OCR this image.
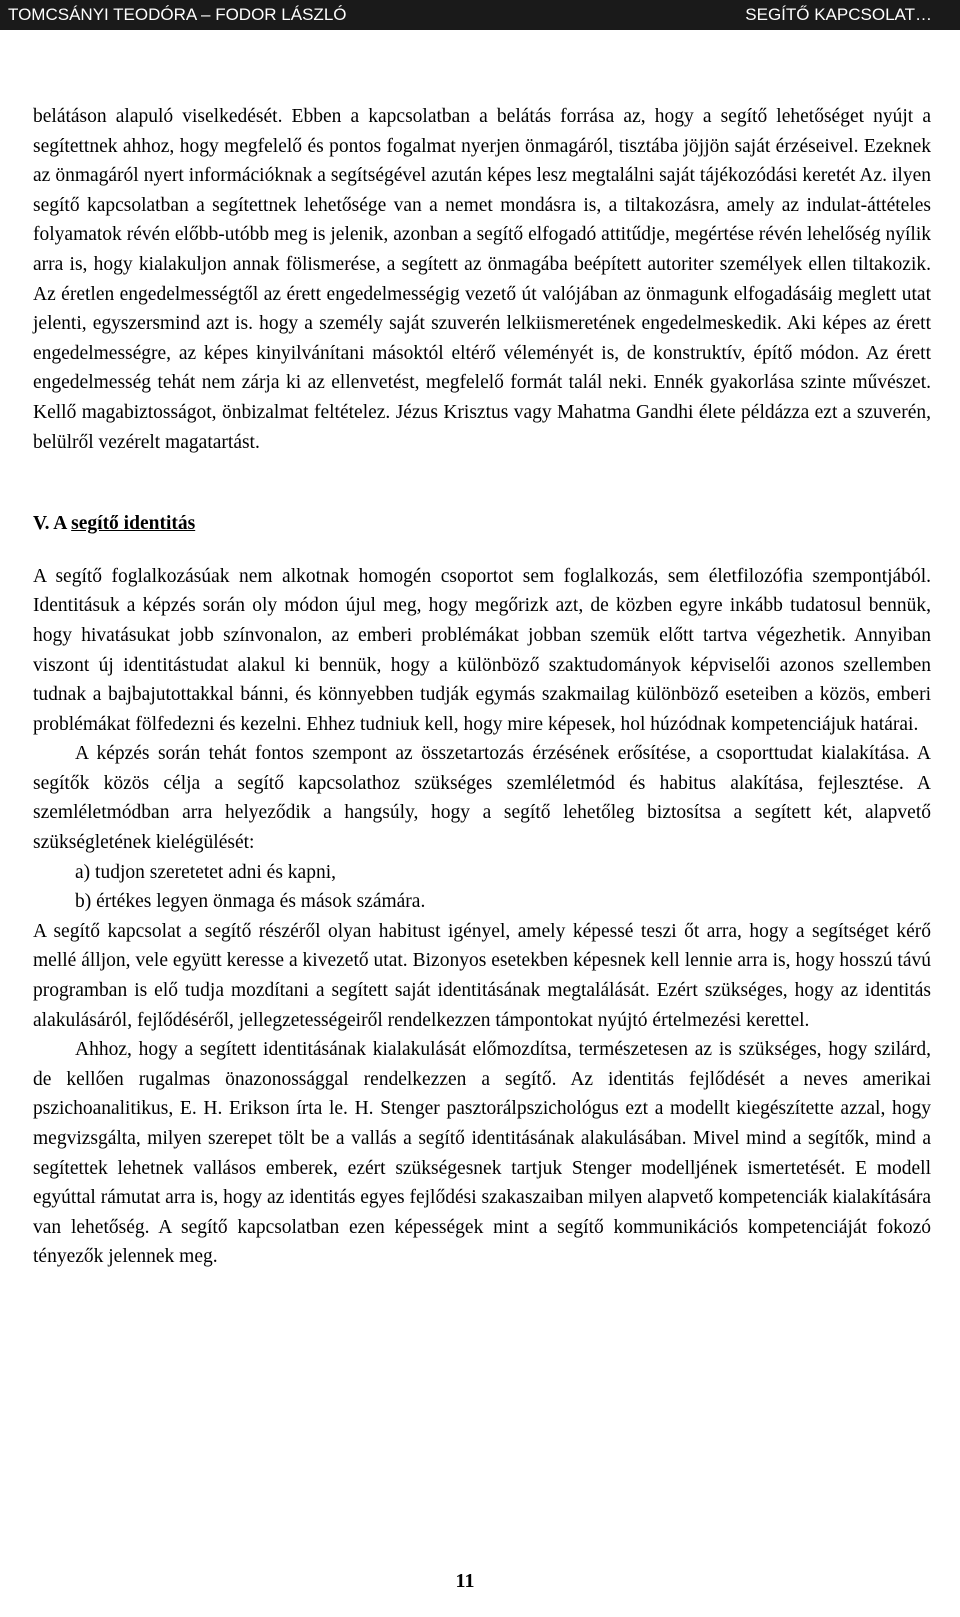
TOMCSÁNYI TEODÓRA – FODOR LÁSZLÓ	SEGÍTŐ KAPCSOLAT…

belátáson alapuló viselkedését. Ebben a kapcsolatban a belátás forrása az, hogy a segítő lehetőséget nyújt a segítettnek ahhoz, hogy megfelelő és pontos fogalmat nyerjen önmagáról, tisztába jöjjön saját érzéseivel. Ezeknek az önmagáról nyert információknak a segítségével azután képes lesz megtalálni saját tájékozódási keretét Az. ilyen segítő kapcsolatban a segítettnek lehetősége van a nemet mondásra is, a tiltakozásra, amely az indulat-áttételes folyamatok révén előbb-utóbb meg is jelenik, azonban a segítő elfogadó attitűdje, megértése révén lehelőség nyílik arra is, hogy kialakuljon annak fölismerése, a segített az önmagába beépített autoriter személyek ellen tiltakozik. Az éretlen engedelmességtől az érett engedelmességig vezető út valójában az önmagunk elfogadásáig meglett utat jelenti, egyszersmind azt is. hogy a személy saját szuverén lelkiismeretének engedelmeskedik. Aki képes az érett engedelmességre, az képes kinyilvánítani másoktól eltérő véleményét is, de konstruktív, építő módon. Az érett engedelmesség tehát nem zárja ki az ellenvetést, megfelelő formát talál neki. Ennék gyakorlása szinte művészet. Kellő magabiztosságot, önbizalmat feltételez. Jézus Krisztus vagy Mahatma Gandhi élete példázza ezt a szuverén, belülről vezérelt magatartást.

V. A segítő identitás

A segítő foglalkozásúak nem alkotnak homogén csoportot sem foglalkozás, sem életfilozófia szempontjából. Identitásuk a képzés során oly módon újul meg, hogy megőrizk azt, de közben egyre inkább tudatosul bennük, hogy hivatásukat jobb színvonalon, az emberi problémákat jobban szemük előtt tartva végezhetik. Annyiban viszont új identitástudat alakul ki bennük, hogy a különböző szaktudományok képviselői azonos szellemben tudnak a bajbajutottakkal bánni, és könnyebben tudják egymás szakmailag különböző eseteiben a közös, emberi problémákat fölfedezni és kezelni. Ehhez tudniuk kell, hogy mire képesek, hol húzódnak kompetenciájuk határai.

A képzés során tehát fontos szempont az összetartozás érzésének erősítése, a csoporttudat kialakítása. A segítők közös célja a segítő kapcsolathoz szükséges szemléletmód és habitus alakítása, fejlesztése. A szemléletmódban arra helyeződik a hangsúly, hogy a segítő lehetőleg biztosítsa a segített két, alapvető szükségletének kielégülését:

a) tudjon szeretetet adni és kapni,

b) értékes legyen önmaga és mások számára.

A segítő kapcsolat a segítő részéről olyan habitust igényel, amely képessé teszi őt arra, hogy a segítséget kérő mellé álljon, vele együtt keresse a kivezető utat. Bizonyos esetekben képesnek kell lennie arra is, hogy hosszú távú programban is elő tudja mozdítani a segített saját identitásának megtalálását. Ezért szükséges, hogy az identitás alakulásáról, fejlődéséről, jellegzetességeiről rendelkezzen támpontokat nyújtó értelmezési kerettel.

Ahhoz, hogy a segített identitásának kialakulását előmozdítsa, természetesen az is szükséges, hogy szilárd, de kellően rugalmas önazonossággal rendelkezzen a segítő. Az identitás fejlődését a neves amerikai pszichoanalitikus, E. H. Erikson írta le. H. Stenger pasztorálpszichológus ezt a modellt kiegészítette azzal, hogy megvizsgálta, milyen szerepet tölt be a vallás a segítő identitásának alakulásában. Mivel mind a segítők, mind a segítettek lehetnek vallásos emberek, ezért szükségesnek tartjuk Stenger modelljének ismertetését. E modell egyúttal rámutat arra is, hogy az identitás egyes fejlődési szakaszaiban milyen alapvető kompetenciák kialakítására van lehetőség. A segítő kapcsolatban ezen képességek mint a segítő kommunikációs kompetenciáját fokozó tényezők jelennek meg.

11
